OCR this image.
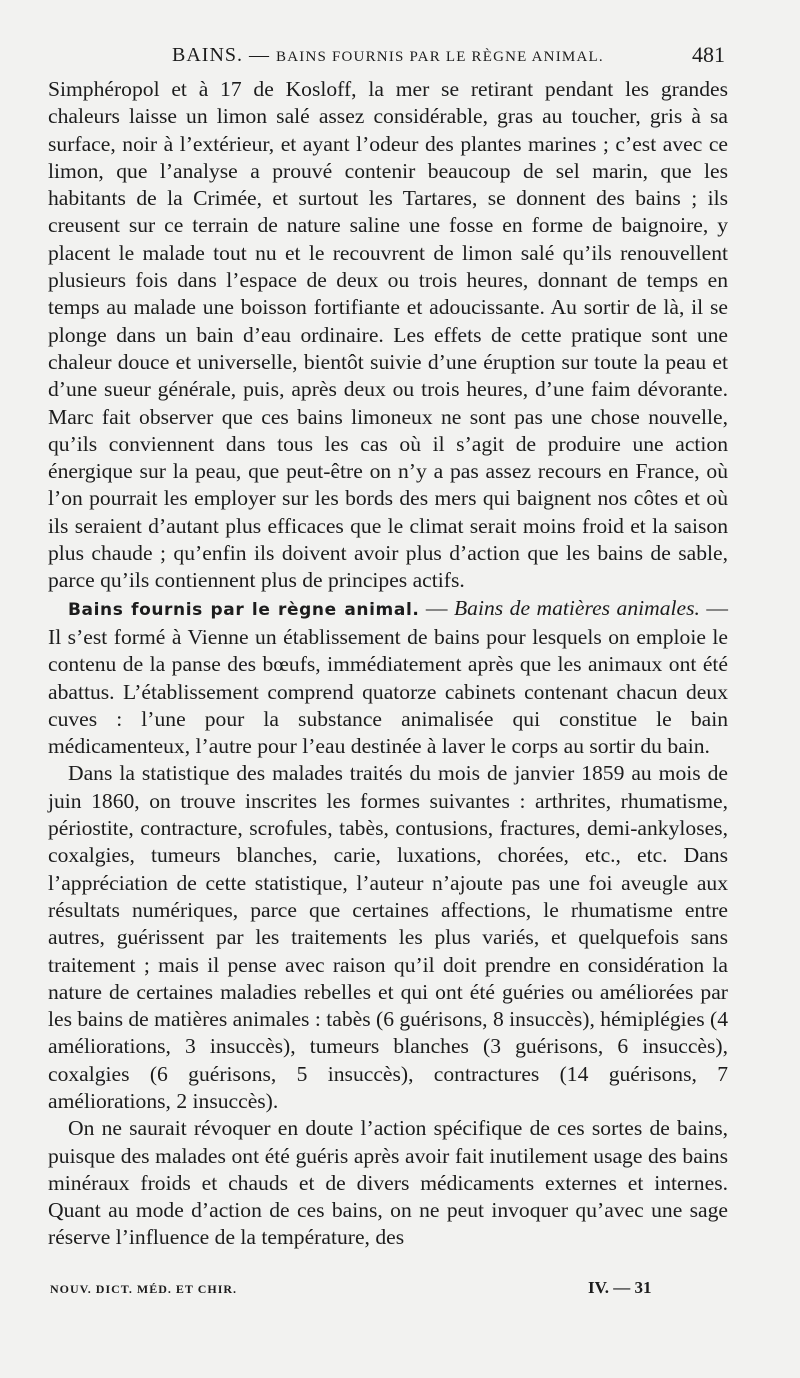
BAINS. — BAINS FOURNIS PAR LE RÈGNE ANIMAL.	481

Simphéropol et à 17 de Kosloff, la mer se retirant pendant les grandes chaleurs laisse un limon salé assez considérable, gras au toucher, gris à sa surface, noir à l’extérieur, et ayant l’odeur des plantes marines ; c’est avec ce limon, que l’analyse a prouvé contenir beaucoup de sel marin, que les habitants de la Crimée, et surtout les Tartares, se donnent des bains ; ils creusent sur ce terrain de nature saline une fosse en forme de baignoire, y placent le malade tout nu et le recouvrent de limon salé qu’ils renouvellent plusieurs fois dans l’espace de deux ou trois heures, donnant de temps en temps au malade une boisson fortifiante et adoucissante. Au sortir de là, il se plonge dans un bain d’eau ordinaire. Les effets de cette pratique sont une chaleur douce et universelle, bientôt suivie d’une éruption sur toute la peau et d’une sueur générale, puis, après deux ou trois heures, d’une faim dévorante. Marc fait observer que ces bains limoneux ne sont pas une chose nouvelle, qu’ils conviennent dans tous les cas où il s’agit de produire une action énergique sur la peau, que peut-être on n’y a pas assez recours en France, où l’on pourrait les employer sur les bords des mers qui baignent nos côtes et où ils seraient d’autant plus efficaces que le climat serait moins froid et la saison plus chaude ; qu’enfin ils doivent avoir plus d’action que les bains de sable, parce qu’ils contiennent plus de principes actifs.

Bains fournis par le règne animal. — Bains de matières animales. — Il s’est formé à Vienne un établissement de bains pour lesquels on emploie le contenu de la panse des bœufs, immédiatement après que les animaux ont été abattus. L’établissement comprend quatorze cabinets contenant chacun deux cuves : l’une pour la substance animalisée qui constitue le bain médicamenteux, l’autre pour l’eau destinée à laver le corps au sortir du bain.

Dans la statistique des malades traités du mois de janvier 1859 au mois de juin 1860, on trouve inscrites les formes suivantes : arthrites, rhumatisme, périostite, contracture, scrofules, tabès, contusions, fractures, demi-ankyloses, coxalgies, tumeurs blanches, carie, luxations, chorées, etc., etc. Dans l’appréciation de cette statistique, l’auteur n’ajoute pas une foi aveugle aux résultats numériques, parce que certaines affections, le rhumatisme entre autres, guérissent par les traitements les plus variés, et quelquefois sans traitement ; mais il pense avec raison qu’il doit prendre en considération la nature de certaines maladies rebelles et qui ont été guéries ou améliorées par les bains de matières animales : tabès (6 guérisons, 8 insuccès), hémiplégies (4 améliorations, 3 insuccès), tumeurs blanches (3 guérisons, 6 insuccès), coxalgies (6 guérisons, 5 insuccès), contractures (14 guérisons, 7 améliorations, 2 insuccès).

On ne saurait révoquer en doute l’action spécifique de ces sortes de bains, puisque des malades ont été guéris après avoir fait inutilement usage des bains minéraux froids et chauds et de divers médicaments externes et internes. Quant au mode d’action de ces bains, on ne peut invoquer qu’avec une sage réserve l’influence de la température, des

NOUV. DICT. MÉD. ET CHIR.	IV. — 31
